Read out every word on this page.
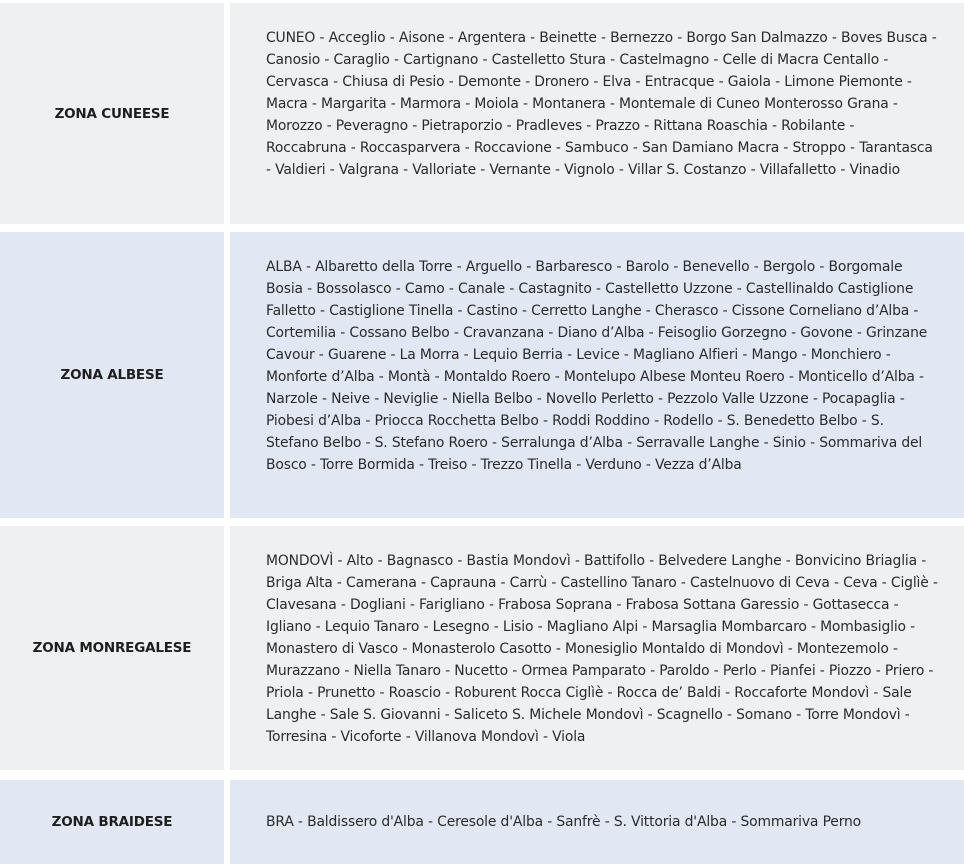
ZONA CUNEESE
CUNEO - Acceglio - Aisone - Argentera - Beinette - Bernezzo - Borgo San Dalmazzo - Boves Busca - Canosio - Caraglio - Cartignano - Castelletto Stura - Castelmagno - Celle di Macra Centallo - Cervasca - Chiusa di Pesio - Demonte - Dronero - Elva - Entracque - Gaiola - Limone Piemonte - Macra - Margarita - Marmora - Moiola - Montanera - Montemale di Cuneo Monterosso Grana - Morozzo - Peveragno - Pietraporzio - Pradleves - Prazzo - Rittana Roaschia - Robilante - Roccabruna - Roccasparvera - Roccavione - Sambuco - San Damiano Macra - Stroppo - Tarantasca - Valdieri - Valgrana - Valloriate - Vernante - Vignolo - Villar S. Costanzo - Villafalletto - Vinadio
ZONA ALBESE
ALBA - Albaretto della Torre - Arguello - Barbaresco - Barolo - Benevello - Bergolo - Borgomale Bosia - Bossolasco - Camo - Canale - Castagnito - Castelletto Uzzone - Castellinaldo Castiglione Falletto - Castiglione Tinella - Castino - Cerretto Langhe - Cherasco - Cissone Corneliano d’Alba - Cortemilia - Cossano Belbo - Cravanzana - Diano d’Alba - Feisoglio Gorzegno - Govone - Grinzane Cavour - Guarene - La Morra - Lequio Berria - Levice - Magliano Alfieri - Mango - Monchiero - Monforte d’Alba - Montà - Montaldo Roero - Montelupo Albese Monteu Roero - Monticello d’Alba - Narzole - Neive - Neviglie - Niella Belbo - Novello Perletto - Pezzolo Valle Uzzone - Pocapaglia - Piobesi d’Alba - Priocca Rocchetta Belbo - Roddi Roddino - Rodello - S. Benedetto Belbo - S. Stefano Belbo - S. Stefano Roero - Serralunga d’Alba - Serravalle Langhe - Sinio - Sommariva del Bosco - Torre Bormida - Treiso - Trezzo Tinella - Verduno - Vezza d’Alba
ZONA MONREGALESE
MONDOVÌ - Alto - Bagnasco - Bastia Mondovì - Battifollo - Belvedere Langhe - Bonvicino Briaglia - Briga Alta - Camerana - Caprauna - Carrù - Castellino Tanaro - Castelnuovo di Ceva - Ceva - Ciglìè - Clavesana - Dogliani - Farigliano - Frabosa Soprana - Frabosa Sottana Garessio - Gottasecca - Igliano - Lequio Tanaro - Lesegno - Lisio - Magliano Alpi - Marsaglia Mombarcaro - Mombasiglio - Monastero di Vasco - Monasterolo Casotto - Monesiglio Montaldo di Mondovì - Montezemolo - Murazzano - Niella Tanaro - Nucetto - Ormea Pamparato - Paroldo - Perlo - Pianfei - Piozzo - Priero - Priola - Prunetto - Roascio - Roburent Rocca Ciglìè - Rocca de’ Baldi - Roccaforte Mondovì - Sale Langhe - Sale S. Giovanni - Saliceto S. Michele Mondovì - Scagnello - Somano - Torre Mondovì - Torresina - Vicoforte - Villanova Mondovì - Viola
ZONA BRAIDESE	BRA - Baldissero d'Alba - Ceresole d'Alba - Sanfrè - S. Vittoria d'Alba - Sommariva Perno
